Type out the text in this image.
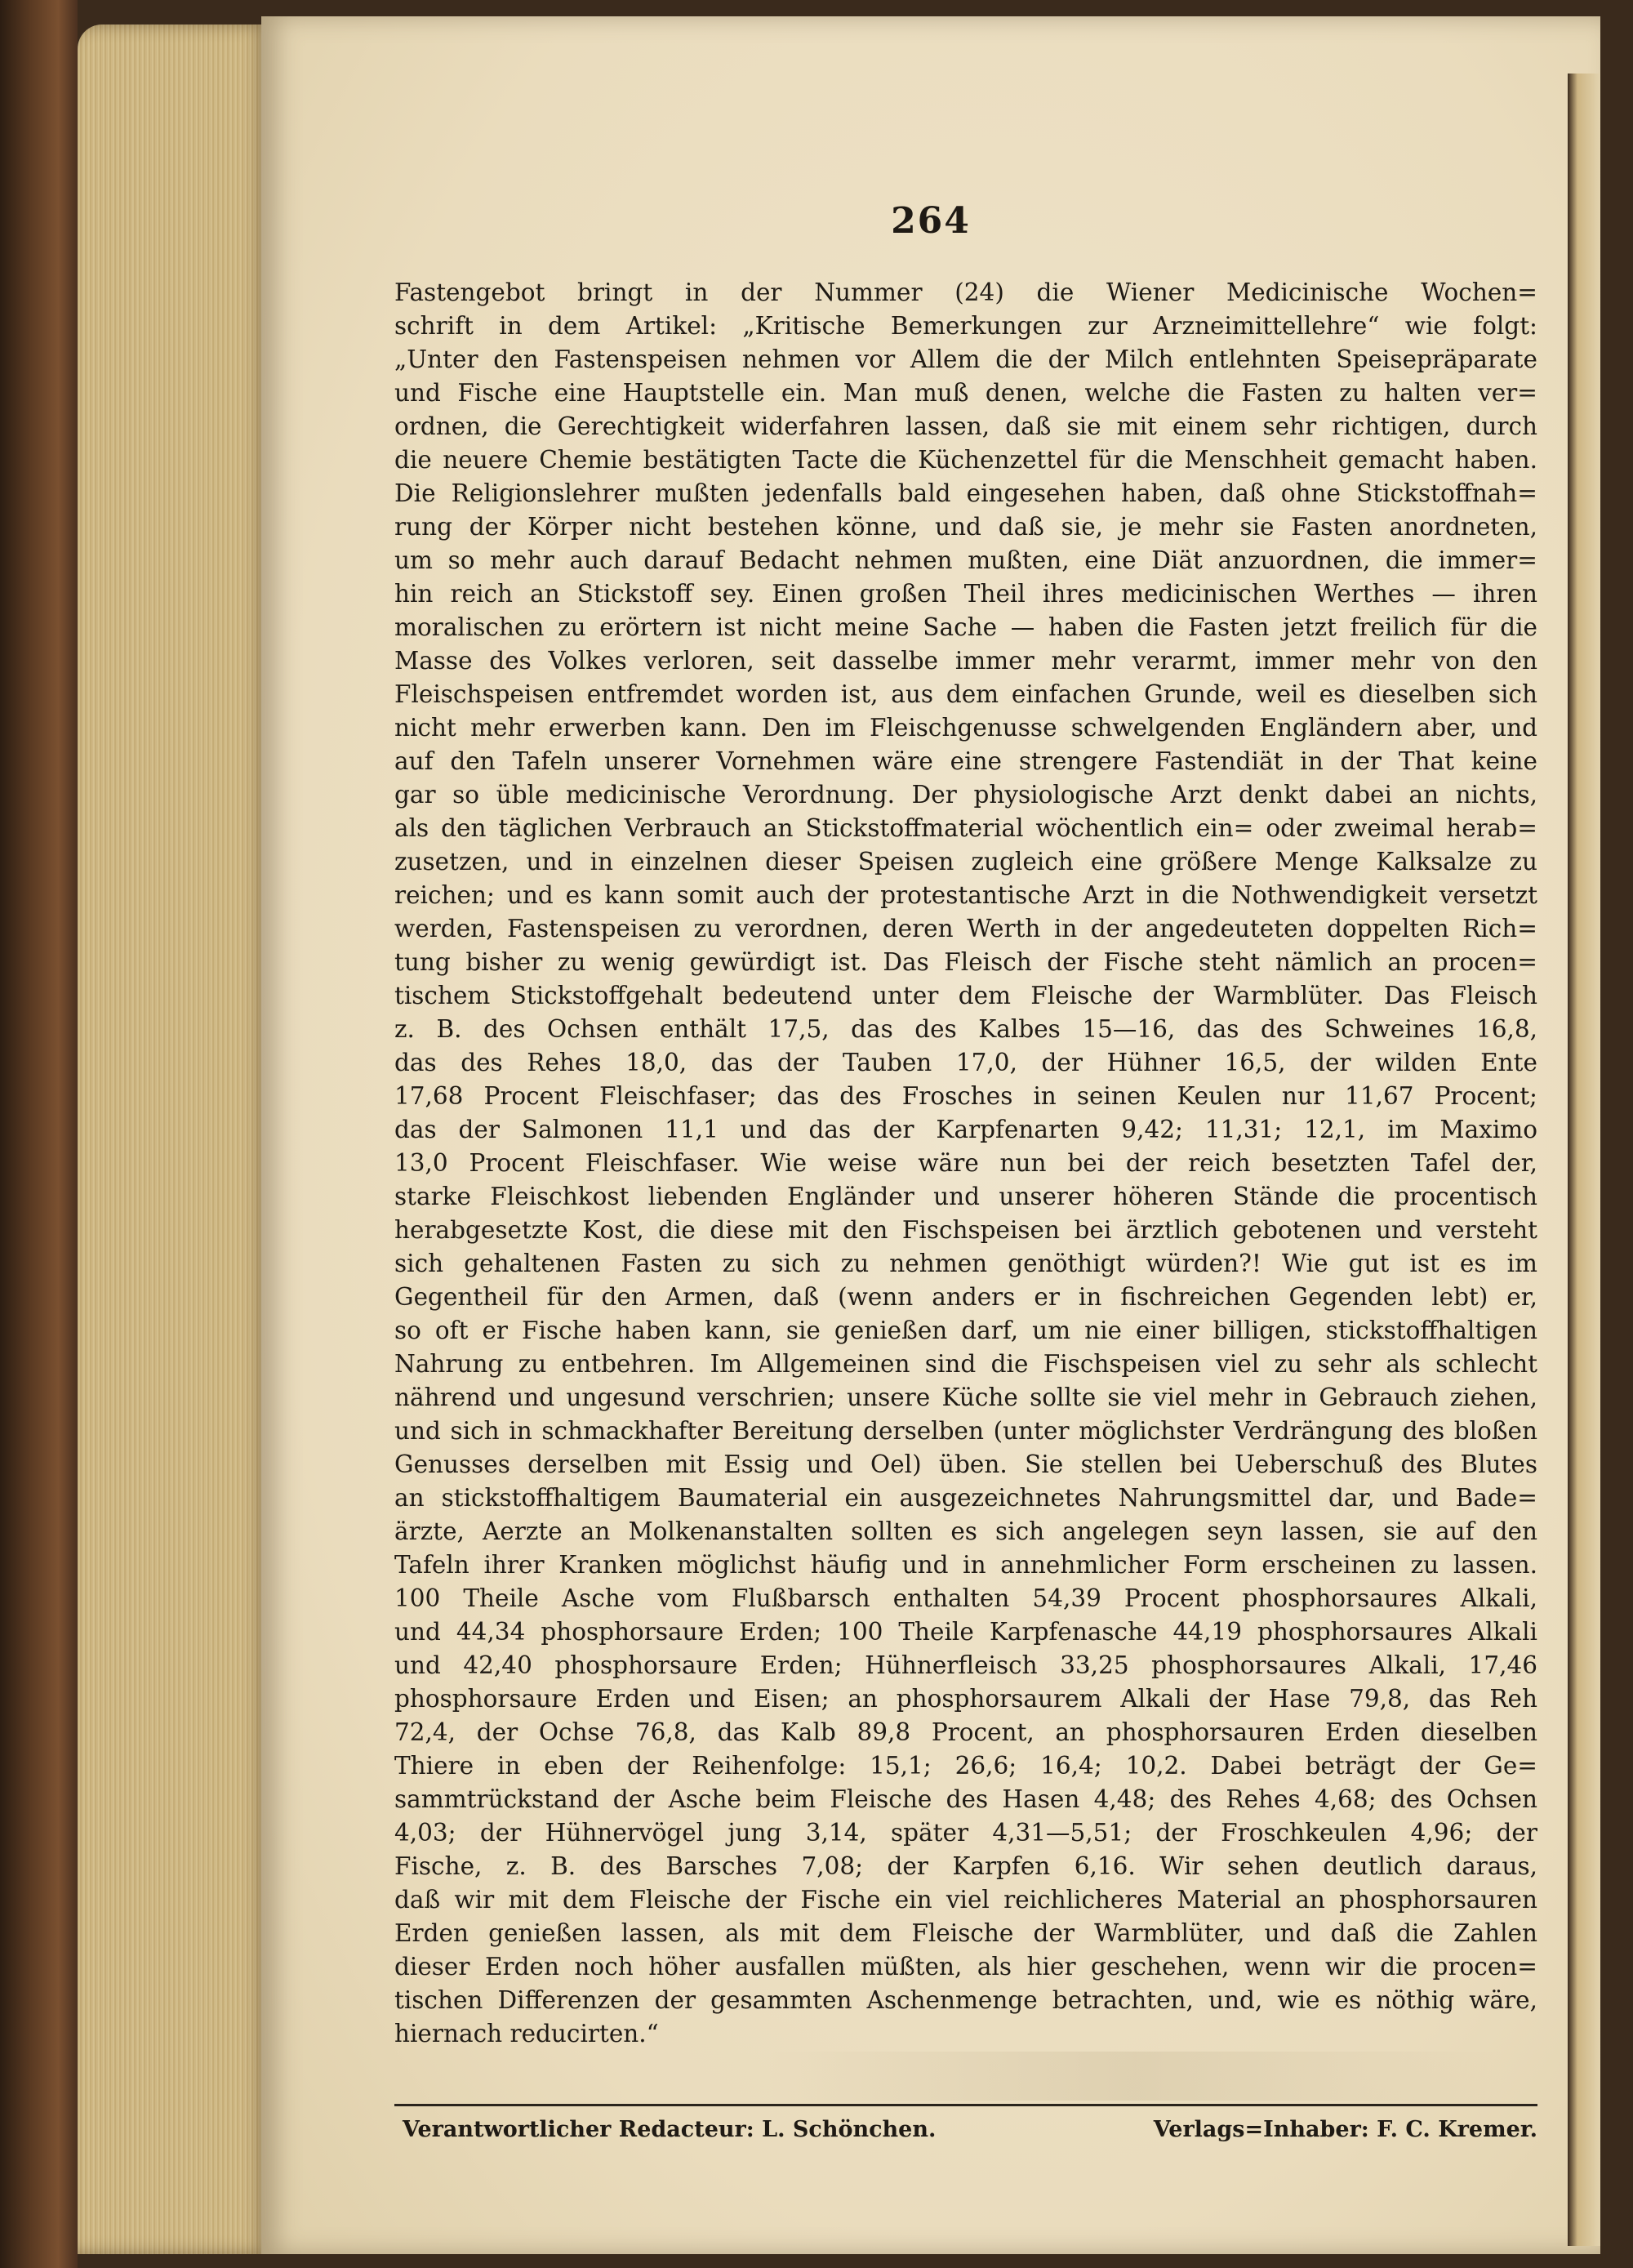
264
Fastengebot bringt in der Nummer (24) die Wiener Medicinische Wochen=
schrift in dem Artikel: „Kritische Bemerkungen zur Arzneimittellehre“ wie folgt:
„Unter den Fastenspeisen nehmen vor Allem die der Milch entlehnten Speisepräparate
und Fische eine Hauptstelle ein. Man muß denen, welche die Fasten zu halten ver=
ordnen, die Gerechtigkeit widerfahren lassen, daß sie mit einem sehr richtigen, durch
die neuere Chemie bestätigten Tacte die Küchenzettel für die Menschheit gemacht haben.
Die Religionslehrer mußten jedenfalls bald eingesehen haben, daß ohne Stickstoffnah=
rung der Körper nicht bestehen könne, und daß sie, je mehr sie Fasten anordneten,
um so mehr auch darauf Bedacht nehmen mußten, eine Diät anzuordnen, die immer=
hin reich an Stickstoff sey. Einen großen Theil ihres medicinischen Werthes — ihren
moralischen zu erörtern ist nicht meine Sache — haben die Fasten jetzt freilich für die
Masse des Volkes verloren, seit dasselbe immer mehr verarmt, immer mehr von den
Fleischspeisen entfremdet worden ist, aus dem einfachen Grunde, weil es dieselben sich
nicht mehr erwerben kann. Den im Fleischgenusse schwelgenden Engländern aber, und
auf den Tafeln unserer Vornehmen wäre eine strengere Fastendiät in der That keine
gar so üble medicinische Verordnung. Der physiologische Arzt denkt dabei an nichts,
als den täglichen Verbrauch an Stickstoffmaterial wöchentlich ein= oder zweimal herab=
zusetzen, und in einzelnen dieser Speisen zugleich eine größere Menge Kalksalze zu
reichen; und es kann somit auch der protestantische Arzt in die Nothwendigkeit versetzt
werden, Fastenspeisen zu verordnen, deren Werth in der angedeuteten doppelten Rich=
tung bisher zu wenig gewürdigt ist. Das Fleisch der Fische steht nämlich an procen=
tischem Stickstoffgehalt bedeutend unter dem Fleische der Warmblüter. Das Fleisch
z. B. des Ochsen enthält 17,5, das des Kalbes 15—16, das des Schweines 16,8,
das des Rehes 18,0, das der Tauben 17,0, der Hühner 16,5, der wilden Ente
17,68 Procent Fleischfaser; das des Frosches in seinen Keulen nur 11,67 Procent;
das der Salmonen 11,1 und das der Karpfenarten 9,42; 11,31; 12,1, im Maximo
13,0 Procent Fleischfaser. Wie weise wäre nun bei der reich besetzten Tafel der,
starke Fleischkost liebenden Engländer und unserer höheren Stände die procentisch
herabgesetzte Kost, die diese mit den Fischspeisen bei ärztlich gebotenen und versteht
sich gehaltenen Fasten zu sich zu nehmen genöthigt würden?! Wie gut ist es im
Gegentheil für den Armen, daß (wenn anders er in fischreichen Gegenden lebt) er,
so oft er Fische haben kann, sie genießen darf, um nie einer billigen, stickstoffhaltigen
Nahrung zu entbehren. Im Allgemeinen sind die Fischspeisen viel zu sehr als schlecht
nährend und ungesund verschrien; unsere Küche sollte sie viel mehr in Gebrauch ziehen,
und sich in schmackhafter Bereitung derselben (unter möglichster Verdrängung des bloßen
Genusses derselben mit Essig und Oel) üben. Sie stellen bei Ueberschuß des Blutes
an stickstoffhaltigem Baumaterial ein ausgezeichnetes Nahrungsmittel dar, und Bade=
ärzte, Aerzte an Molkenanstalten sollten es sich angelegen seyn lassen, sie auf den
Tafeln ihrer Kranken möglichst häufig und in annehmlicher Form erscheinen zu lassen.
100 Theile Asche vom Flußbarsch enthalten 54,39 Procent phosphorsaures Alkali,
und 44,34 phosphorsaure Erden; 100 Theile Karpfenasche 44,19 phosphorsaures Alkali
und 42,40 phosphorsaure Erden; Hühnerfleisch 33,25 phosphorsaures Alkali, 17,46
phosphorsaure Erden und Eisen; an phosphorsaurem Alkali der Hase 79,8, das Reh
72,4, der Ochse 76,8, das Kalb 89,8 Procent, an phosphorsauren Erden dieselben
Thiere in eben der Reihenfolge: 15,1; 26,6; 16,4; 10,2. Dabei beträgt der Ge=
sammtrückstand der Asche beim Fleische des Hasen 4,48; des Rehes 4,68; des Ochsen
4,03; der Hühnervögel jung 3,14, später 4,31—5,51; der Froschkeulen 4,96; der
Fische, z. B. des Barsches 7,08; der Karpfen 6,16. Wir sehen deutlich daraus,
daß wir mit dem Fleische der Fische ein viel reichlicheres Material an phosphorsauren
Erden genießen lassen, als mit dem Fleische der Warmblüter, und daß die Zahlen
dieser Erden noch höher ausfallen müßten, als hier geschehen, wenn wir die procen=
tischen Differenzen der gesammten Aschenmenge betrachten, und, wie es nöthig wäre,
hiernach reducirten.“
Verantwortlicher Redacteur: L. Schönchen.	Verlags=Inhaber: F. C. Kremer.
